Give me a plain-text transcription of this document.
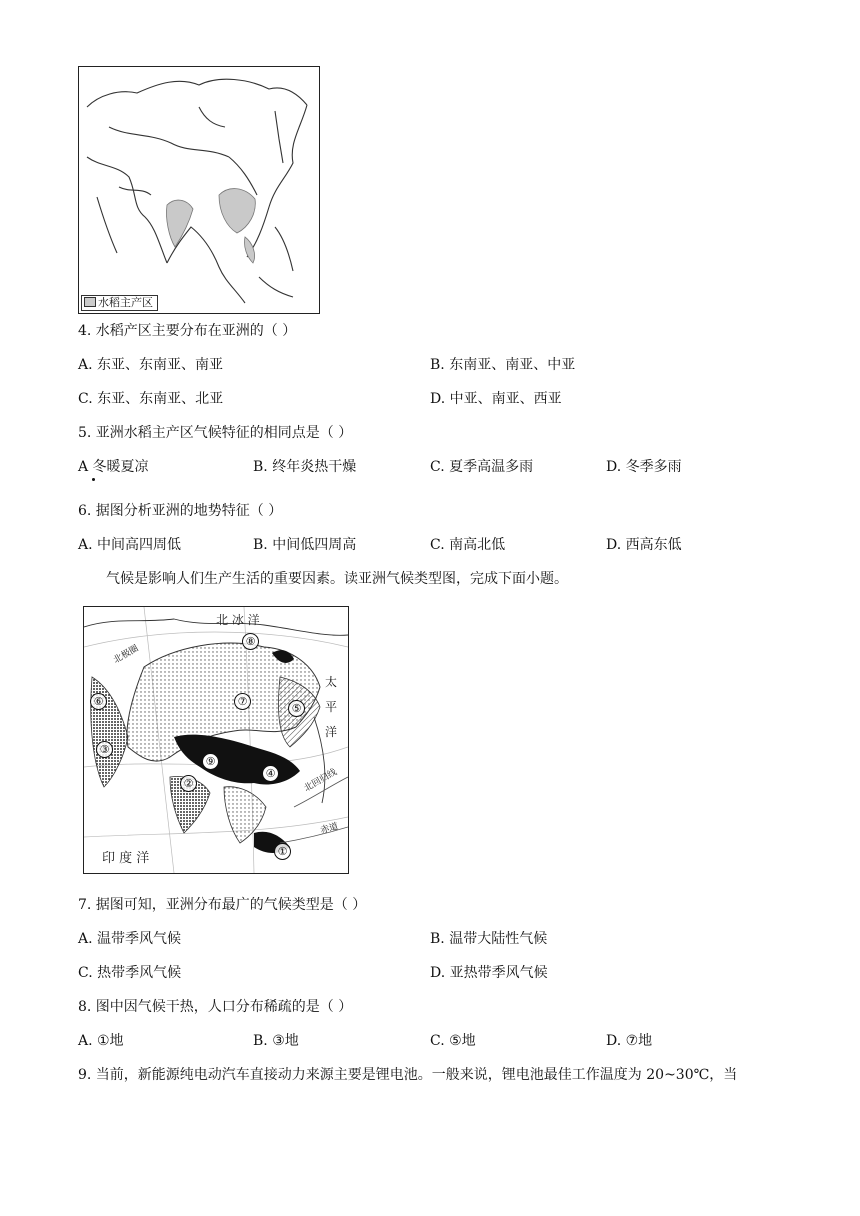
水稻主产区
4. 水稻产区主要分布在亚洲的（ ）
A. 东亚、东南亚、南亚	B. 东南亚、南亚、中亚
C. 东亚、东南亚、北亚	D. 中亚、南亚、西亚
5. 亚洲水稻主产区气候特征的相同点是（ ）
A 冬暖夏凉	B. 终年炎热干燥	C. 夏季高温多雨	D. 冬季多雨
6. 据图分析亚洲的地势特征（ ）
A. 中间高四周低	B. 中间低四周高	C. 南高北低	D. 西高东低
气候是影响人们生产生活的重要因素。读亚洲气候类型图，完成下面小题。
北 冰 洋
北极圈
太
平
洋
北回归线
赤道
印 度 洋	①
②
③
④
⑤
⑥	⑦
⑧
⑨
7. 据图可知，亚洲分布最广的气候类型是（ ）
A. 温带季风气候	B. 温带大陆性气候
C. 热带季风气候	D. 亚热带季风气候
8. 图中因气候干热，人口分布稀疏的是（ ）
A. ①地	B. ③地	C. ⑤地	D. ⑦地
9. 当前，新能源纯电动汽车直接动力来源主要是锂电池。一般来说，锂电池最佳工作温度为 20~30℃，当
